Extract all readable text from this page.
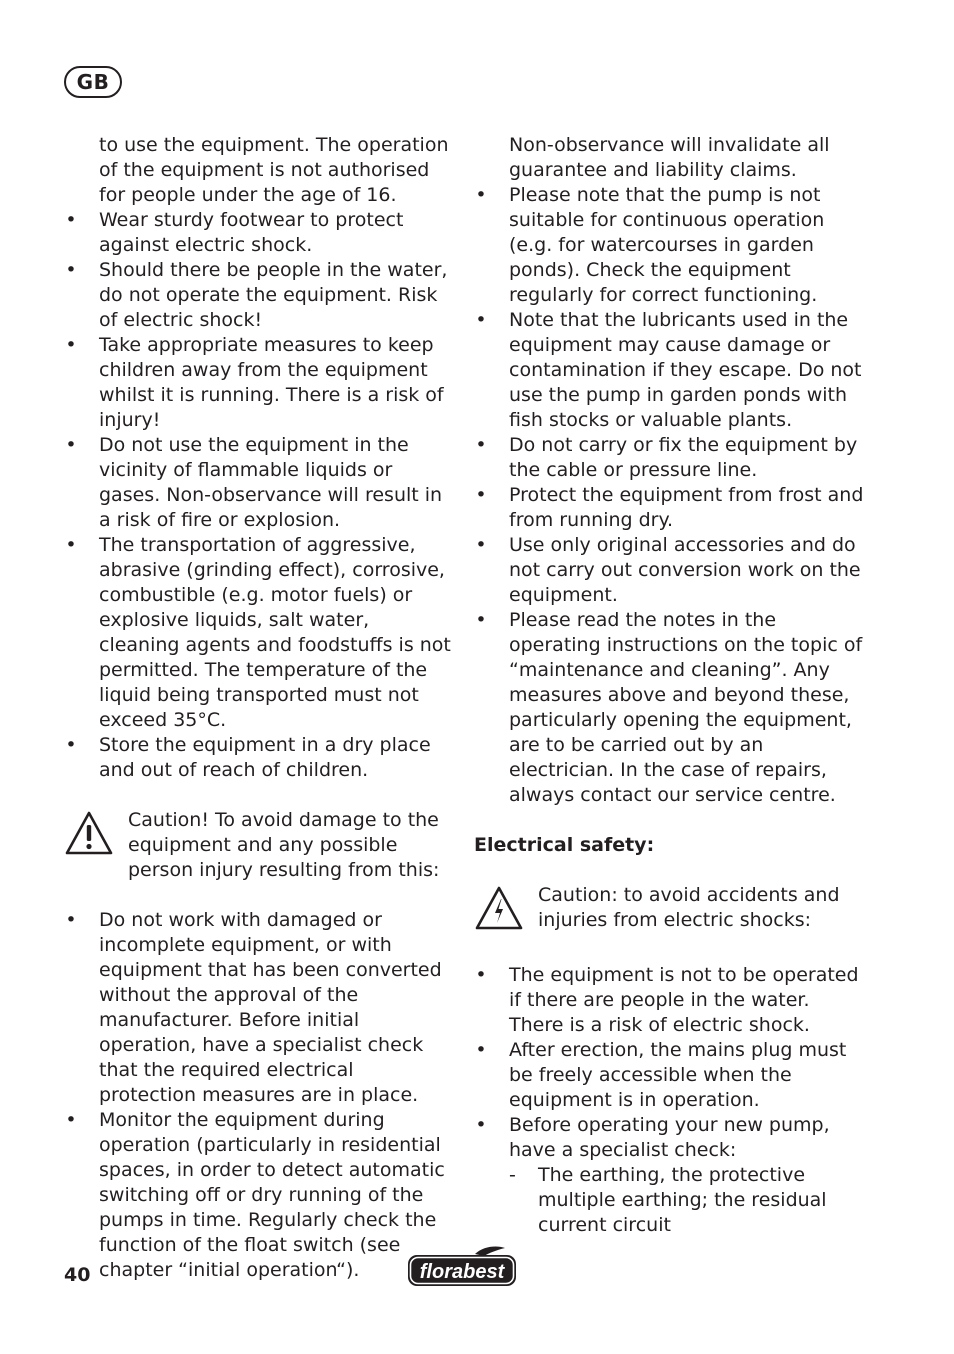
GB
to use the equipment. The operation of the equipment is not authorised for people under the age of 16.
• Wear sturdy footwear to protect against electric shock.
• Should there be people in the water, do not operate the equipment. Risk of electric shock!
• Take appropriate measures to keep children away from the equipment whilst it is running. There is a risk of injury!
• Do not use the equipment in the vicinity of flammable liquids or gases. Non-observance will result in a risk of fire or explosion.
• The transportation of aggressive, abrasive (grinding effect), corrosive, combustible (e.g. motor fuels) or explosive liquids, salt water, cleaning agents and foodstuffs is not permitted. The temperature of the liquid being transported must not exceed 35°C.
• Store the equipment in a dry place and out of reach of children.
Caution! To avoid damage to the equipment and any possible person injury resulting from this:
• Do not work with damaged or incomplete equipment, or with equipment that has been converted without the approval of the manufacturer. Before initial operation, have a specialist check that the required electrical protection measures are in place.
• Monitor the equipment during operation (particularly in residential spaces, in order to detect automatic switching off or dry running of the pumps in time. Regularly check the function of the float switch (see chapter “initial operation“).
Non-observance will invalidate all guarantee and liability claims.
• Please note that the pump is not suitable for continuous operation (e.g. for watercourses in garden ponds). Check the equipment regularly for correct functioning.
• Note that the lubricants used in the equipment may cause damage or contamination if they escape. Do not use the pump in garden ponds with fish stocks or valuable plants.
• Do not carry or fix the equipment by the cable or pressure line.
• Protect the equipment from frost and from running dry.
• Use only original accessories and do not carry out conversion work on the equipment.
• Please read the notes in the operating instructions on the topic of “maintenance and cleaning”. Any measures above and beyond these, particularly opening the equipment, are to be carried out by an electrician. In the case of repairs, always contact our service centre.
Electrical safety:
Caution: to avoid accidents and injuries from electric shocks:
• The equipment is not to be operated if there are people in the water. There is a risk of electric shock.
• After erection, the mains plug must be freely accessible when the equipment is in operation.
• Before operating your new pump, have a specialist check:
- The earthing, the protective multiple earthing; the residual current circuit
40	florabest
